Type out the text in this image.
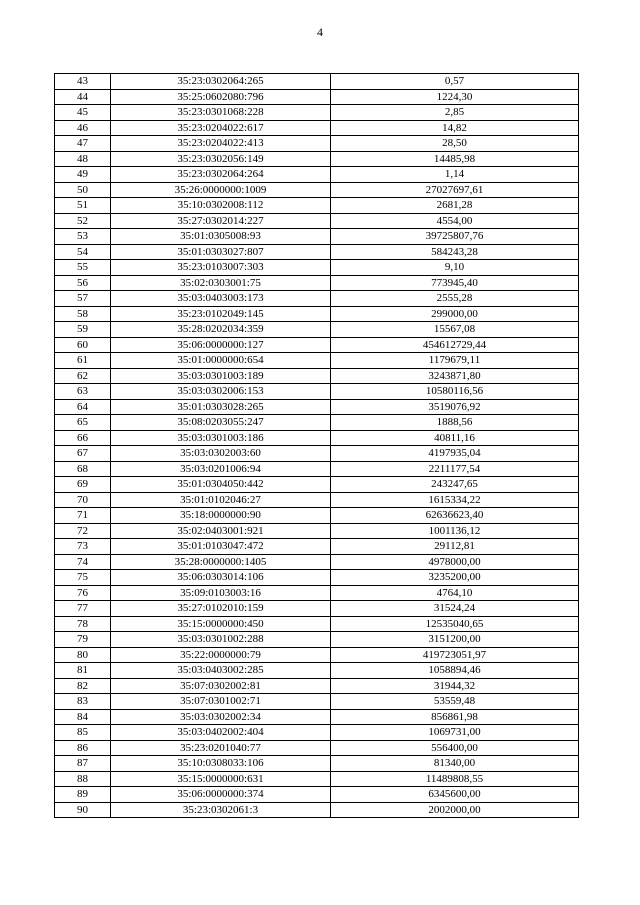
4
43	35:23:0302064:265	0,57
44	35:25:0602080:796	1224,30
45	35:23:0301068:228	2,85
46	35:23:0204022:617	14,82
47	35:23:0204022:413	28,50
48	35:23:0302056:149	14485,98
49	35:23:0302064:264	1,14
50	35:26:0000000:1009	27027697,61
51	35:10:0302008:112	2681,28
52	35:27:0302014:227	4554,00
53	35:01:0305008:93	39725807,76
54	35:01:0303027:807	584243,28
55	35:23:0103007:303	9,10
56	35:02:0303001:75	773945,40
57	35:03:0403003:173	2555,28
58	35:23:0102049:145	299000,00
59	35:28:0202034:359	15567,08
60	35:06:0000000:127	454612729,44
61	35:01:0000000:654	1179679,11
62	35:03:0301003:189	3243871,80
63	35:03:0302006:153	10580116,56
64	35:01:0303028:265	3519076,92
65	35:08:0203055:247	1888,56
66	35:03:0301003:186	40811,16
67	35:03:0302003:60	4197935,04
68	35:03:0201006:94	2211177,54
69	35:01:0304050:442	243247,65
70	35:01:0102046:27	1615334,22
71	35:18:0000000:90	62636623,40
72	35:02:0403001:921	1001136,12
73	35:01:0103047:472	29112,81
74	35:28:0000000:1405	4978000,00
75	35:06:0303014:106	3235200,00
76	35:09:0103003:16	4764,10
77	35:27:0102010:159	31524,24
78	35:15:0000000:450	12535040,65
79	35:03:0301002:288	3151200,00
80	35:22:0000000:79	419723051,97
81	35:03:0403002:285	1058894,46
82	35:07:0302002:81	31944,32
83	35:07:0301002:71	53559,48
84	35:03:0302002:34	856861,98
85	35:03:0402002:404	1069731,00
86	35:23:0201040:77	556400,00
87	35:10:0308033:106	81340,00
88	35:15:0000000:631	11489808,55
89	35:06:0000000:374	6345600,00
90	35:23:0302061:3	2002000,00
